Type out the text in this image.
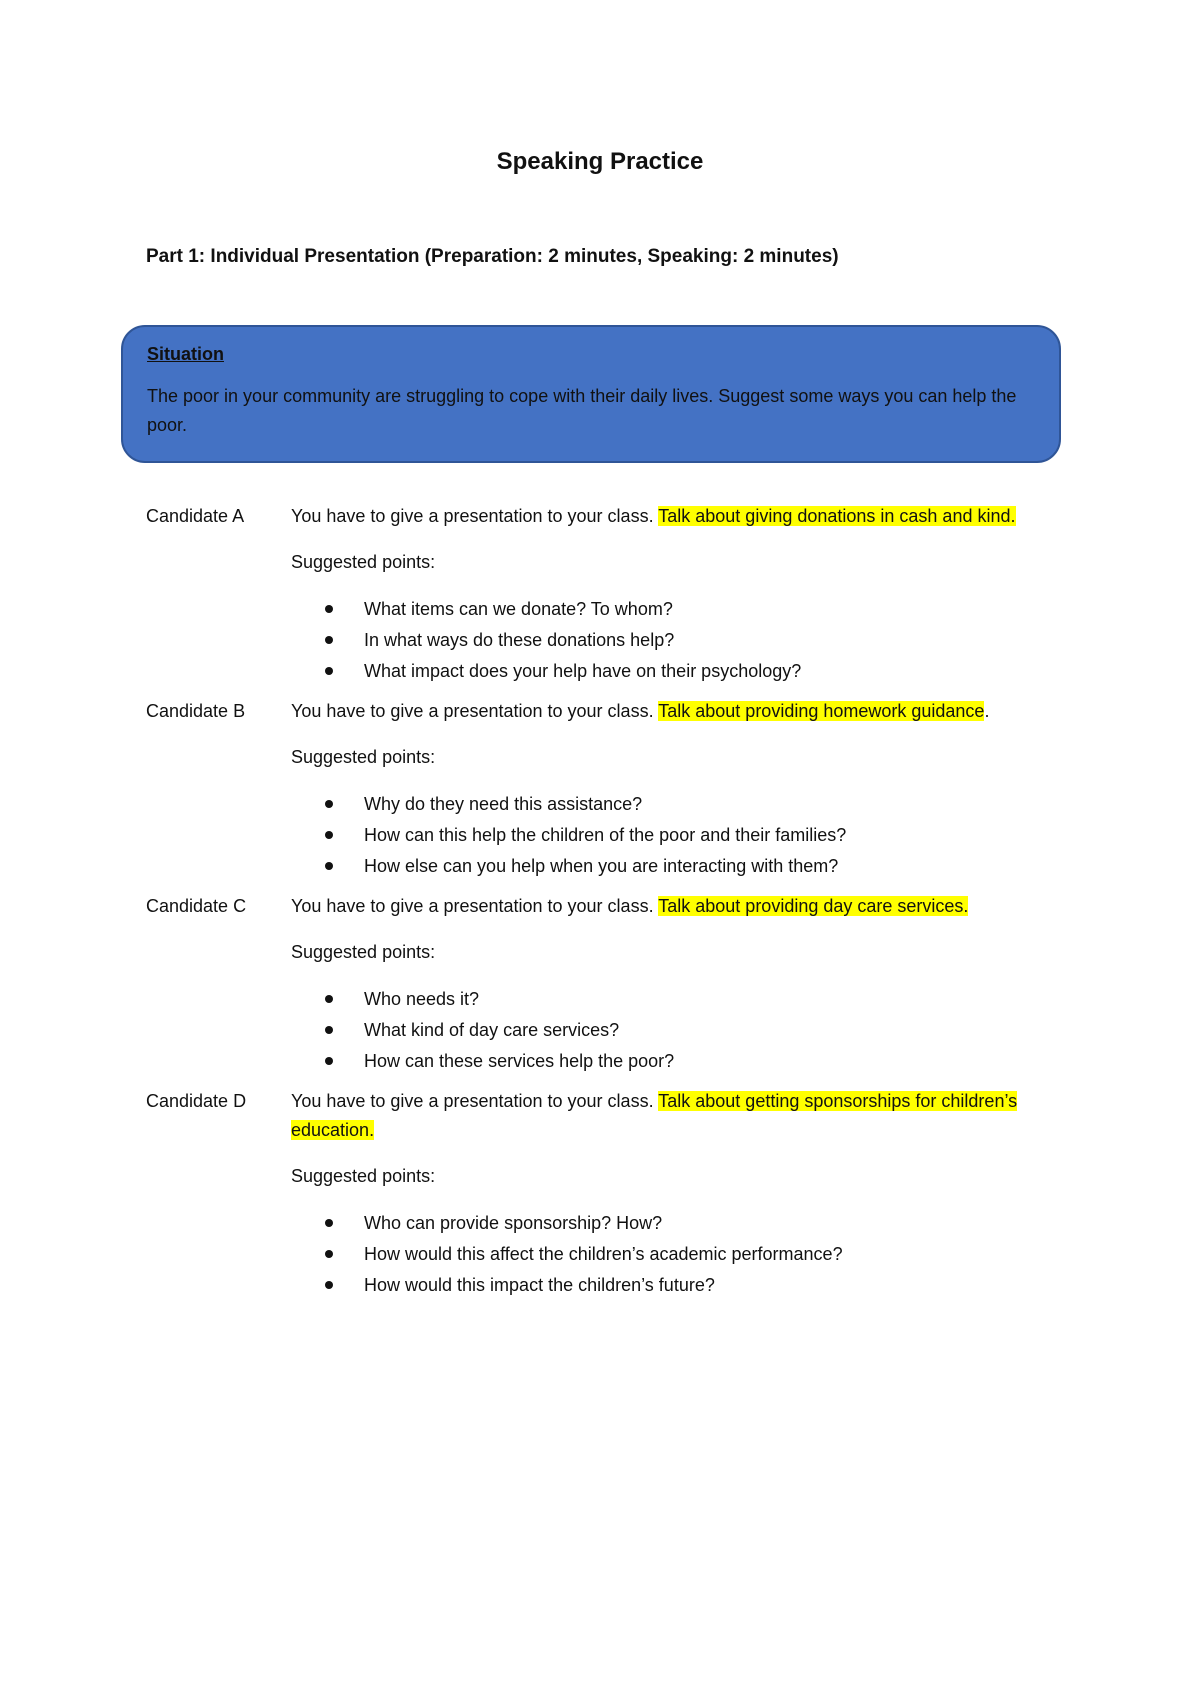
Speaking Practice
Part 1: Individual Presentation (Preparation: 2 minutes, Speaking: 2 minutes)
Situation
The poor in your community are struggling to cope with their daily lives. Suggest some ways you can help the poor.
Candidate A	You have to give a presentation to your class. Talk about giving donations in cash and kind.
Suggested points:
What items can we donate? To whom?
In what ways do these donations help?
What impact does your help have on their psychology?
Candidate B	You have to give a presentation to your class. Talk about providing homework guidance.
Suggested points:
Why do they need this assistance?
How can this help the children of the poor and their families?
How else can you help when you are interacting with them?
Candidate C	You have to give a presentation to your class. Talk about providing day care services.
Suggested points:
Who needs it?
What kind of day care services?
How can these services help the poor?
Candidate D	You have to give a presentation to your class. Talk about getting sponsorships for children’s education.
Suggested points:
Who can provide sponsorship? How?
How would this affect the children’s academic performance?
How would this impact the children’s future?
